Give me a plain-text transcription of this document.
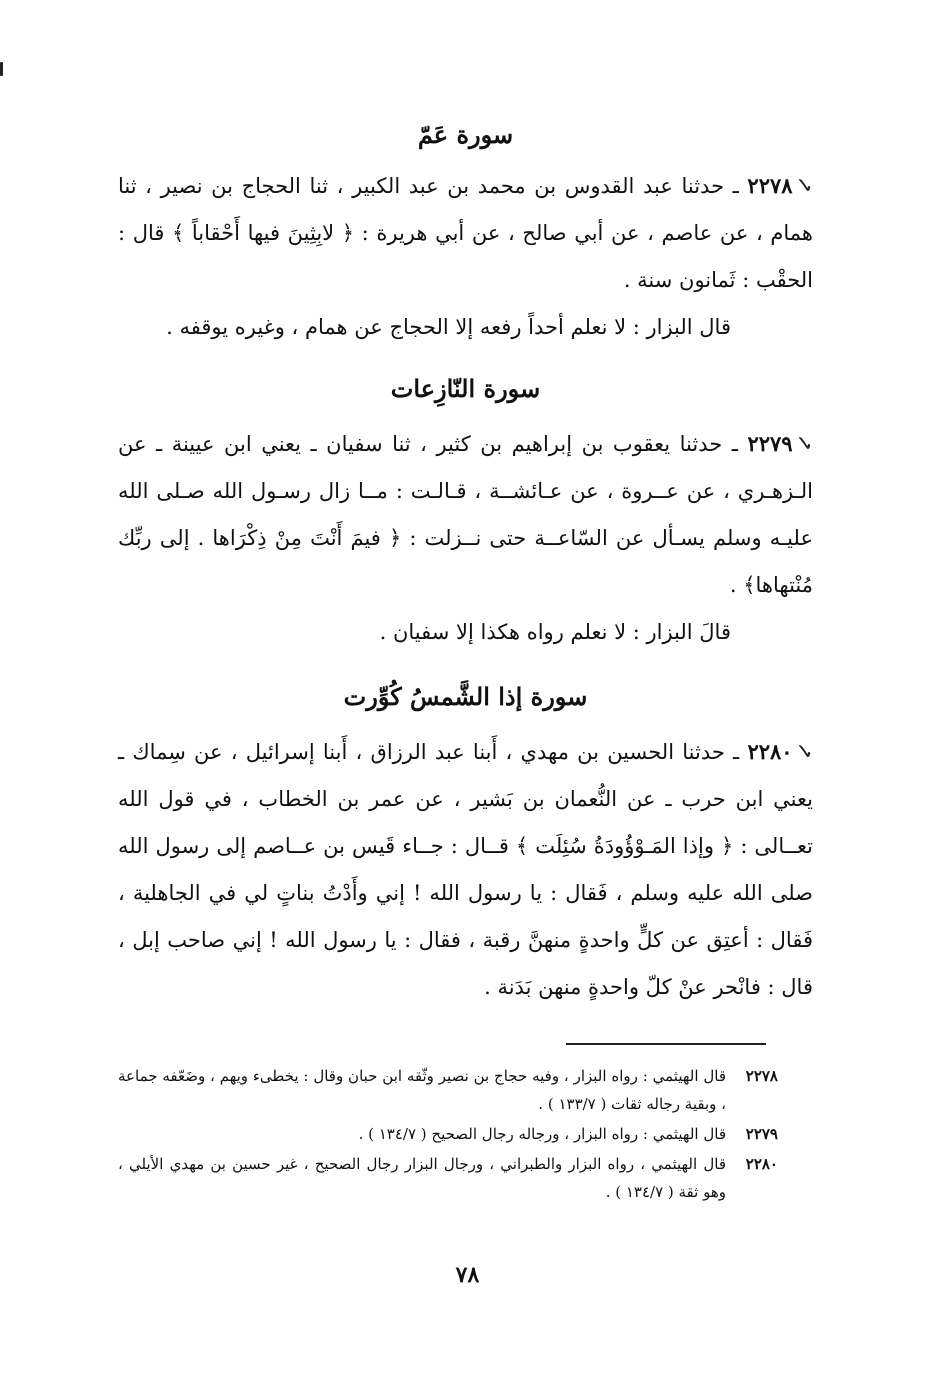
سورة عَمّ
✓٢٢٧٨ ـ حدثنا عبد القدوس بن محمد بن عبد الكبير ، ثنا الحجاج بن نصير ، ثنا همام ، عن عاصم ، عن أبي صالح ، عن أبي هريرة : ﴿ لابِثِينَ فيها أَحْقاباً ﴾ قال : الحقْب : ثَمانون سنة .
قال البزار : لا نعلم أحداً رفعه إلا الحجاج عن همام ، وغيره يوقفه .
سورة النّازِعات
✓٢٢٧٩ ـ حدثنا يعقوب بن إبراهيم بن كثير ، ثنا سفيان ـ يعني ابن عيينة ـ عن الـزهـري ، عن عــروة ، عن عـائشــة ، قـالـت : مــا زال رسـول الله صـلى الله عليـه وسلم يسـأل عن السّاعــة حتى نــزلت : ﴿ فيمَ أَنْتَ مِنْ ذِكْرَاها . إلى ربِّك مُنْتهاها﴾ .
قالَ البزار : لا نعلم رواه هكذا إلا سفيان .
سورة إذا الشَّمسُ كُوِّرت
✓٢٢٨٠ ـ حدثنا الحسين بن مهدي ، أَبنا عبد الرزاق ، أَبنا إسرائيل ، عن سِماك ـ يعني ابن حرب ـ عن النُّعمان بن بَشير ، عن عمر بن الخطاب ، في قول الله تعــالى : ﴿ وإذا المَـوْؤُودَةُ سُئِلَت ﴾ قــال : جــاء قَيس بن عــاصم إلى رسول الله صلى الله عليه وسلم ، فَقال : يا رسول الله ! إني وأَدْتُ بناتٍ لي في الجاهلية ، فَقال : أعتِق عن كلٍّ واحدةٍ منهنَّ رقبة ، فقال : يا رسول الله ! إني صاحب إبل ، قال : فانْحر عنْ كلّ واحدةٍ منهن بَدَنة .
٢٢٧٨
قال الهيثمي : رواه البزار ، وفيه حجاج بن نصير وثّقه ابن حبان وقال : يخطىء ويهم ، وضَعّفه جماعة ، وبقية رجاله ثقات ( ١٣٣/٧ ) .
٢٢٧٩
قال الهيثمي : رواه البزار ، ورجاله رجال الصحيح ( ١٣٤/٧ ) .
٢٢٨٠
قال الهيثمي ، رواه البزار والطبراني ، ورجال البزار رجال الصحيح ، غير حسين بن مهدي الأيلي ، وهو ثقة ( ١٣٤/٧ ) .
٧٨
